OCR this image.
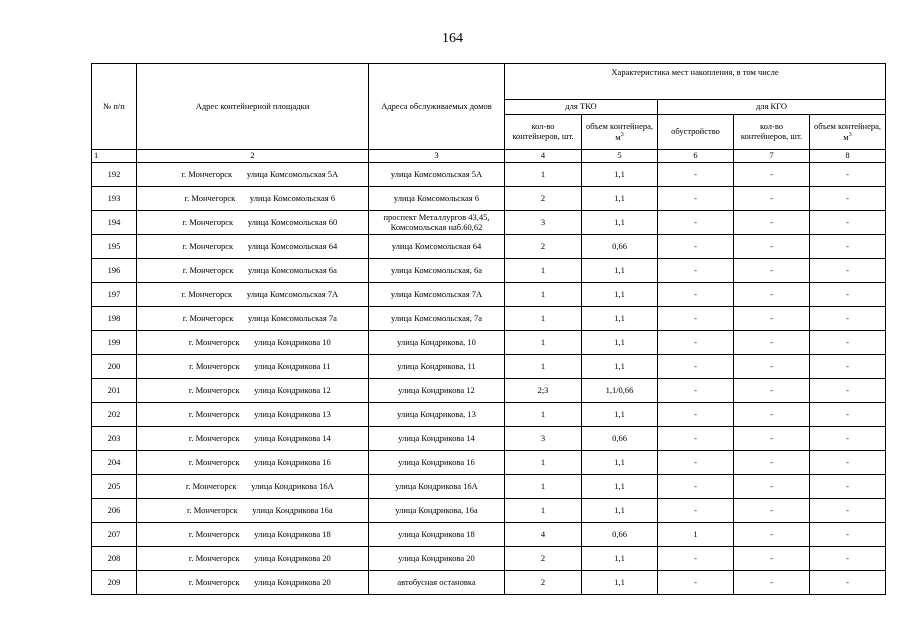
164
№ п/п	Адрес контейнерной площадки	Адреса обслуживаемых домов	Характеристика мест накопления, в том числе				
			для ТКО		для КГО		
			кол-во контейнеров, шт.	объем контейнера, $м^3$	обустройство	кол-во контейнеров, шт.	объем контейнера, $м^3$
1	2	3	4	5	6	7	8
192	г. Мончегорск улица Комсомольская 5А	улица Комсомольская 5А	1	1,1	-	-	-
193	г. Мончегорск улица Комсомольская 6	улица Комсомольская 6	2	1,1	-	-	-
194	г. Мончегорск улица Комсомольская 60	проспект Металлургов 43,45, Комсомольская наб.60,62	3	1,1	-	-	-
195	г. Мончегорск улица Комсомольская 64	улица Комсомольская 64	2	0,66	-	-	-
196	г. Мончегорск улица Комсомольская 6а	улица Комсомольская, 6а	1	1,1	-	-	-
197	г. Мончегорск улица Комсомольская 7А	улица Комсомольская 7А	1	1,1	-	-	-
198	г. Мончегорск улица Комсомольская 7а	улица Комсомольская, 7а	1	1,1	-	-	-
199	г. Мончегорск улица Кондрикова 10	улица Кондрикова, 10	1	1,1	-	-	-
200	г. Мончегорск улица Кондрикова 11	улица Кондрикова, 11	1	1,1	-	-	-
201	г. Мончегорск улица Кондрикова 12	улица Кондрикова 12	2;3	1,1/0,66	-	-	-
202	г. Мончегорск улица Кондрикова 13	улица Кондрикова, 13	1	1,1	-	-	-
203	г. Мончегорск улица Кондрикова 14	улица Кондрикова 14	3	0,66	-	-	-
204	г. Мончегорск улица Кондрикова 16	улица Кондрикова 16	1	1,1	-	-	-
205	г. Мончегорск улица Кондрикова 16А	улица Кондрикова 16А	1	1,1	-	-	-
206	г. Мончегорск улица Кондрикова 16а	улица Кондрикова, 16а	1	1,1	-	-	-
207	г. Мончегорск улица Кондрикова 18	улица Кондрикова 18	4	0,66	1	-	-
208	г. Мончегорск улица Кондрикова 20	улица Кондрикова 20	2	1,1	-	-	-
209	г. Мончегорск улица Кондрикова 20	автобусная остановка	2	1,1	-	-	-
